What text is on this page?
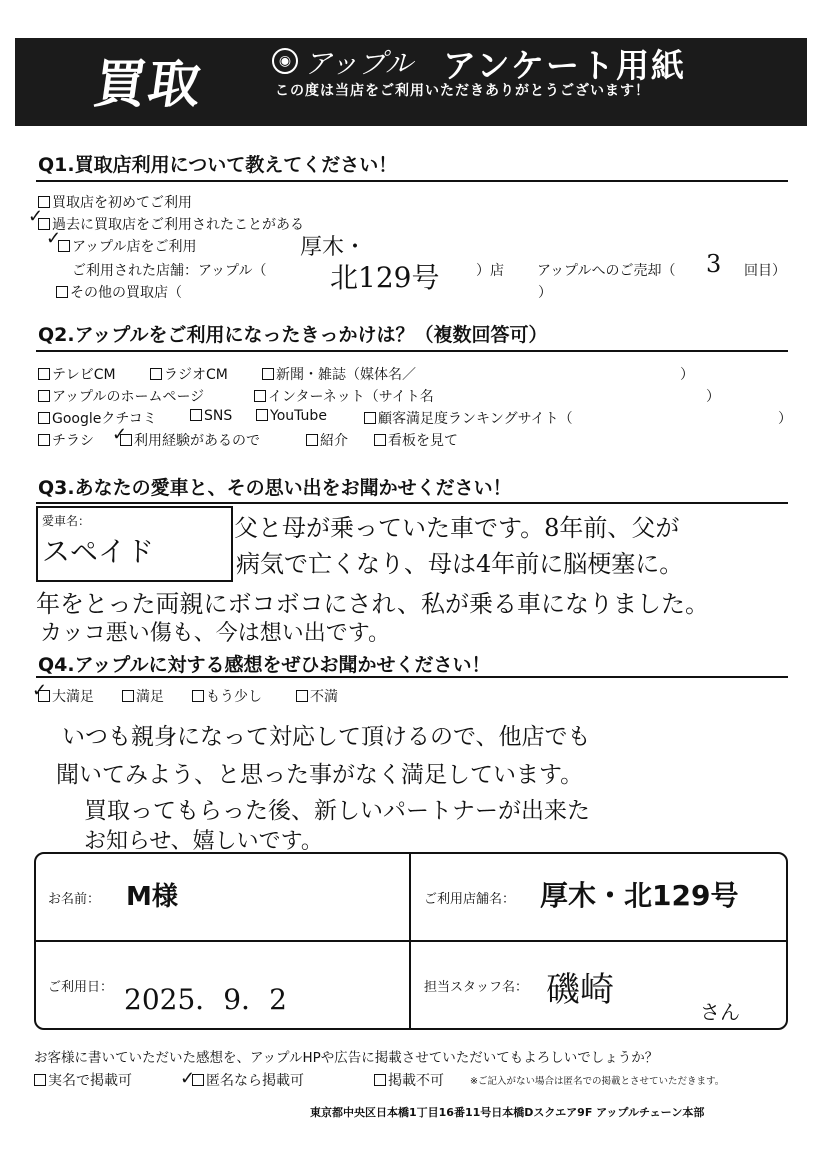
買取	◉ アップル アンケート用紙
この度は当店をご利用いただきありがとうございます！
Q1.買取店利用について教えてください！
買取店を初めてご利用
過去に買取店をご利用されたことがある
✓
アップル店をご利用
✓
ご利用された店舗：アップル（
厚木・
北129号	）店 アップルへのご売却（ 3 回目）
その他の買取店（	）
Q2.アップルをご利用になったきっかけは？（複数回答可）
テレビCM	ラジオCM	新聞・雑誌（媒体名／	）
アップルのホームページ	インターネット（サイト名	）
Googleクチコミ	SNS	YouTube	顧客満足度ランキングサイト（	）
チラシ	利用経験があるので
✓	紹介	看板を見て
Q3.あなたの愛車と、その思い出をお聞かせください！
愛車名：
スペイド
父と母が乗っていた車です。8年前、父が
病気で亡くなり、母は4年前に脳梗塞に。
年をとった両親にボコボコにされ、私が乗る車になりました。
カッコ悪い傷も、今は想い出です。
Q4.アップルに対する感想をぜひお聞かせください！
大満足
✓	満足	もう少し	不満
いつも親身になって対応して頂けるので、他店でも
聞いてみよう、と思った事がなく満足しています。
買取ってもらった後、新しいパートナーが出来た
お知らせ、嬉しいです。
お名前： M様	ご利用店舗名： 厚木・北129号
ご利用日： 2025．9．2	担当スタッフ名： 磯崎
さん
お客様に書いていただいた感想を、アップルHPや広告に掲載させていただいてもよろしいでしょうか？
実名で掲載可	匿名なら掲載可
✓	掲載不可	※ご記入がない場合は匿名での掲載とさせていただきます。
東京都中央区日本橋1丁目16番11号日本橋Dスクエア9F アップルチェーン本部
